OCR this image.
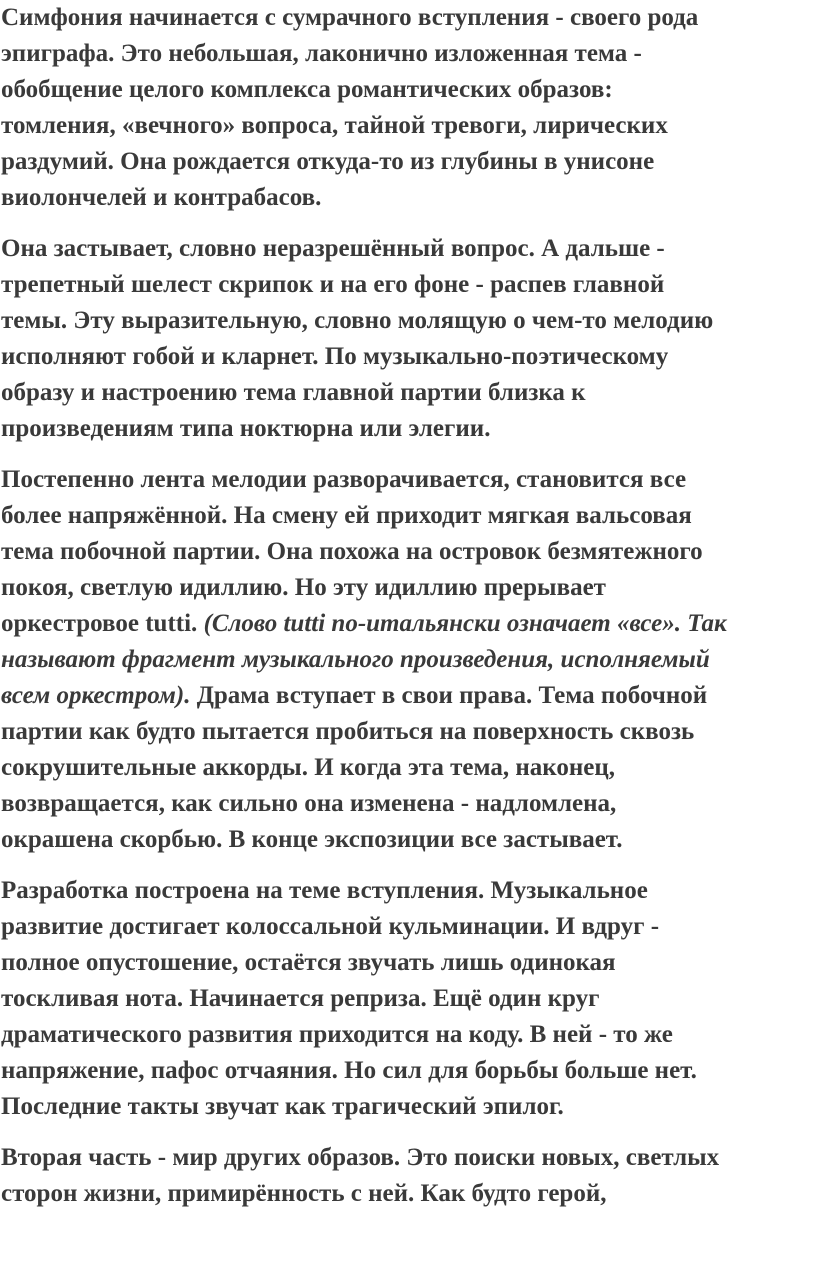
Симфония начинается с сумрачного вступления - своего рода
эпиграфа. Это небольшая, лаконично изложенная тема -
обобщение целого комплекса романтических образов:
томления, «вечного» вопроса, тайной тревоги, лирических
раздумий. Она рождается откуда-то из глубины в унисоне
виолончелей и контрабасов.

Она застывает, словно неразрешённый вопрос. А дальше -
трепетный шелест скрипок и на его фоне - распев главной
темы. Эту выразительную, словно молящую о чем-то мелодию
исполняют гобой и кларнет. По музыкально-поэтическому
образу и настроению тема главной партии близка к
произведениям типа ноктюрна или элегии.

Постепенно лента мелодии разворачивается, становится все
более напряжённой. На смену ей приходит мягкая вальсовая
тема побочной партии. Она похожа на островок безмятежного
покоя, светлую идиллию. Но эту идиллию прерывает
оркестровое tutti. (Слово tutti по-итальянски означает «все». Так
называют фрагмент музыкального произведения, исполняемый
всем оркестром). Драма вступает в свои права. Тема побочной
партии как будто пытается пробиться на поверхность сквозь
сокрушительные аккорды. И когда эта тема, наконец,
возвращается, как сильно она изменена - надломлена,
окрашена скорбью. В конце экспозиции все застывает.

Разработка построена на теме вступления. Музыкальное
развитие достигает колоссальной кульминации. И вдруг -
полное опустошение, остаётся звучать лишь одинокая
тоскливая нота. Начинается реприза. Ещё один круг
драматического развития приходится на коду. В ней - то же
напряжение, пафос отчаяния. Но сил для борьбы больше нет.
Последние такты звучат как трагический эпилог.

Вторая часть - мир других образов. Это поиски новых, светлых
сторон жизни, примирённость с ней. Как будто герой,
